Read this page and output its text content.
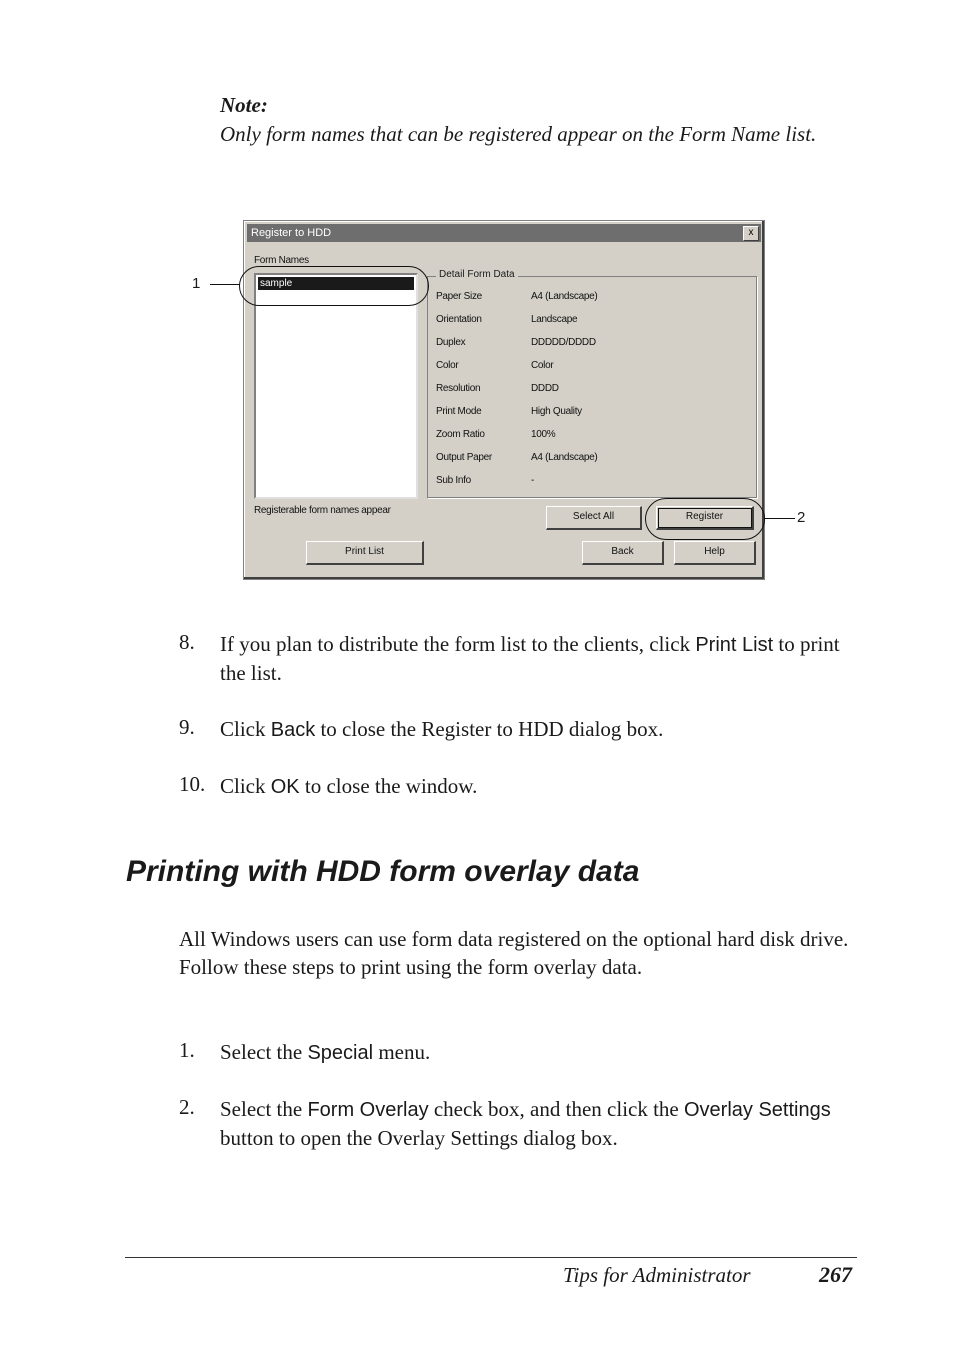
Note:
Only form names that can be registered appear on the Form Name list.
Register to HDD	x
Form Names
sample
Detail Form Data
Paper Size	A4 (Landscape)
Orientation	Landscape
Duplex	DDDDD/DDDD
Color	Color
Resolution	DDDD
Print Mode	High Quality
Zoom Ratio	100%
Output Paper	A4 (Landscape)
Sub Info	-
Registerable form names appear
Select All	Register
Print List	Back	Help
1
2
8. If you plan to distribute the form list to the clients, click Print List to print the list.
9. Click Back to close the Register to HDD dialog box.
10. Click OK to close the window.
Printing with HDD form overlay data
All Windows users can use form data registered on the optional hard disk drive. Follow these steps to print using the form overlay data.
1. Select the Special menu.
2. Select the Form Overlay check box, and then click the Overlay Settings button to open the Overlay Settings dialog box.
Tips for Administrator	267
